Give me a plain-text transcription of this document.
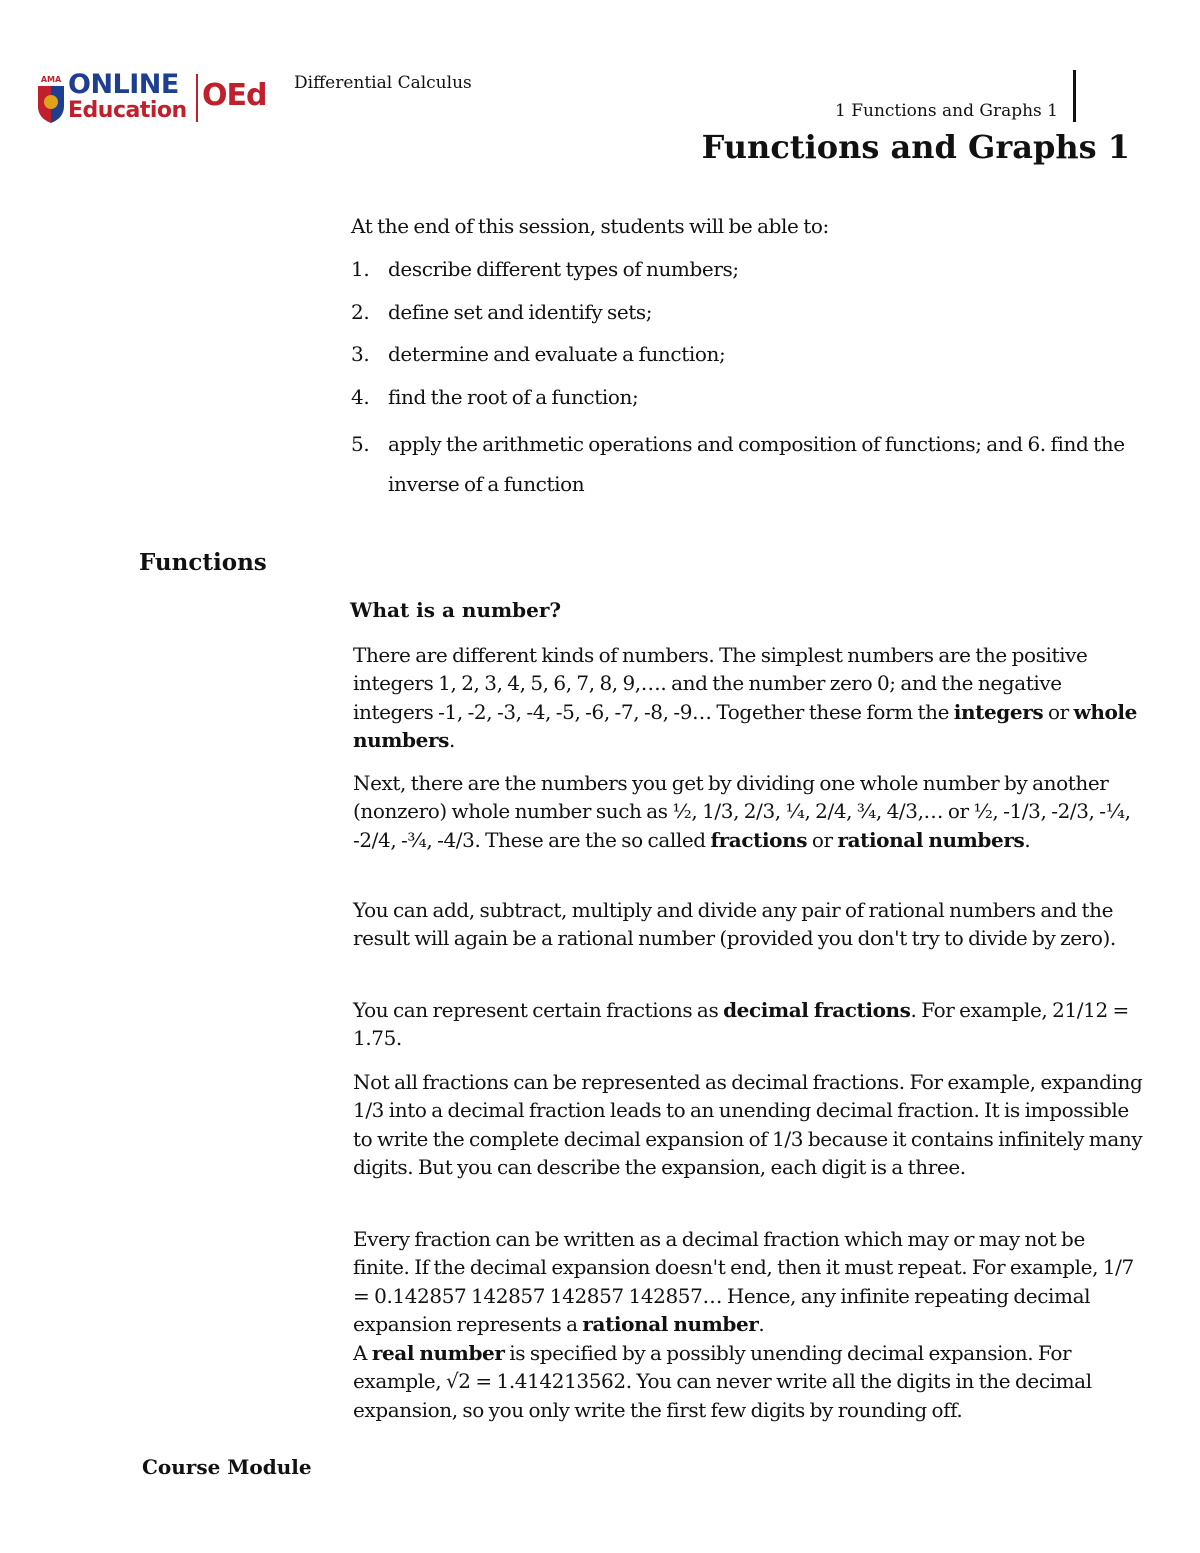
AMA ONLINE
Education OEd Differential Calculus
1 Functions and Graphs 1
Functions and Graphs 1
At the end of this session, students will be able to:
1. describe different types of numbers;
2. define set and identify sets;
3. determine and evaluate a function;
4. find the root of a function;
5. apply the arithmetic operations and composition of functions; and 6. find the inverse of a function
Functions
What is a number?

There are different kinds of numbers. The simplest numbers are the positive integers 1, 2, 3, 4, 5, 6, 7, 8, 9,…. and the number zero 0; and the negative integers -1, -2, -3, -4, -5, -6, -7, -8, -9… Together these form the integers or whole numbers.

Next, there are the numbers you get by dividing one whole number by another (nonzero) whole number such as ½, 1/3, 2/3, ¼, 2/4, ¾, 4/3,… or ½, -1/3, -2/3, -¼, -2/4, -¾, -4/3. These are the so called fractions or rational numbers.

You can add, subtract, multiply and divide any pair of rational numbers and the result will again be a rational number (provided you don't try to divide by zero).

You can represent certain fractions as decimal fractions. For example, 21/12 = 1.75.

Not all fractions can be represented as decimal fractions. For example, expanding 1/3 into a decimal fraction leads to an unending decimal fraction. It is impossible to write the complete decimal expansion of 1/3 because it contains infinitely many digits. But you can describe the expansion, each digit is a three.

Every fraction can be written as a decimal fraction which may or may not be finite. If the decimal expansion doesn't end, then it must repeat. For example, 1/7 = 0.142857 142857 142857 142857… Hence, any infinite repeating decimal expansion represents a rational number.

A real number is specified by a possibly unending decimal expansion. For example, √2 = 1.414213562. You can never write all the digits in the decimal expansion, so you only write the first few digits by rounding off.

Course Module
